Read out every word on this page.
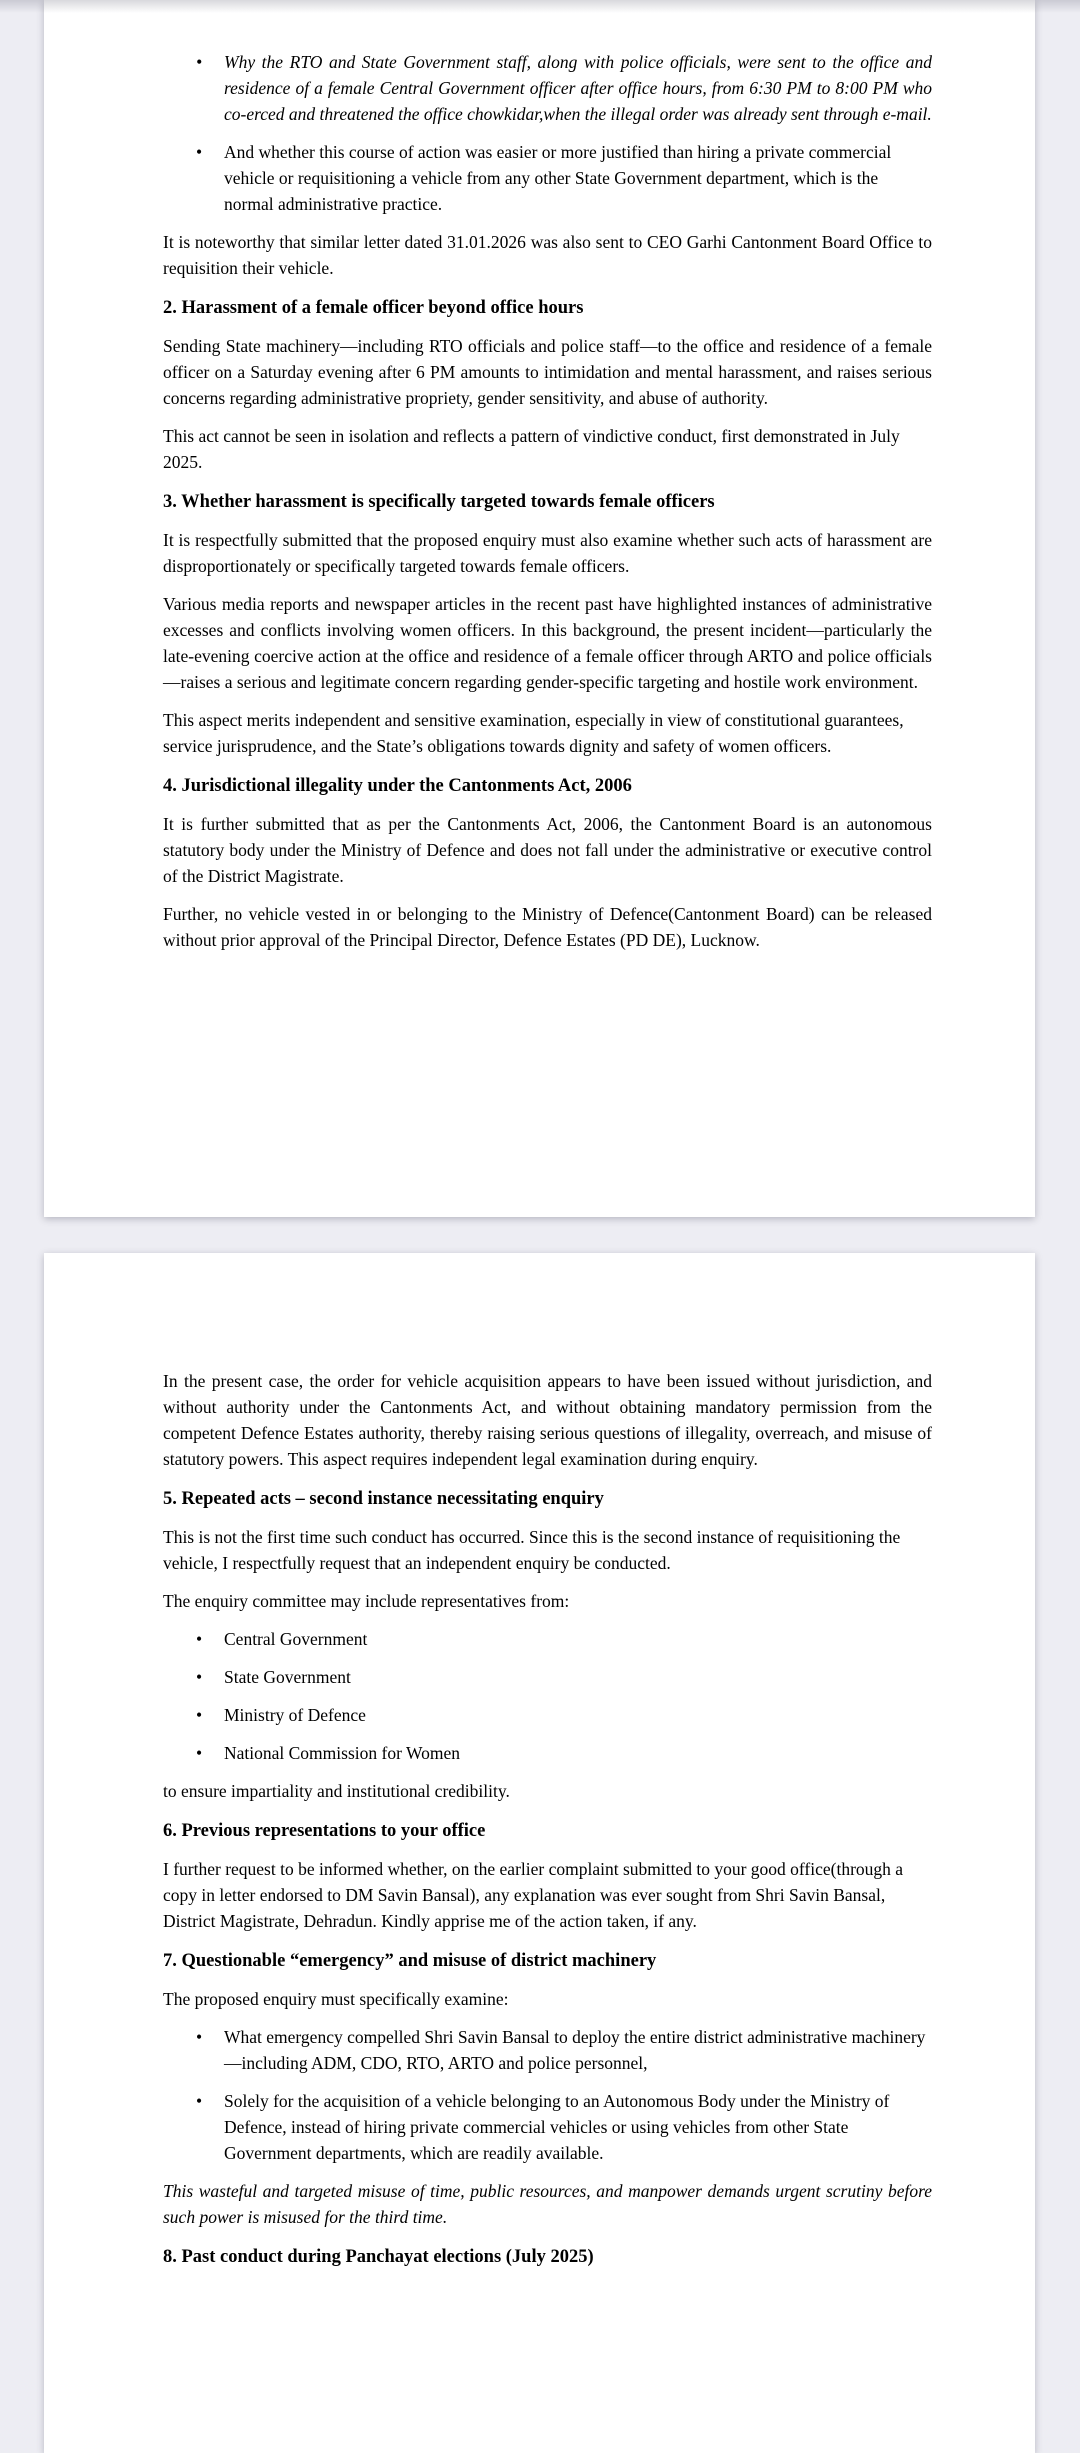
• Why the RTO and State Government staff, along with police officials, were sent to the office and residence of a female Central Government officer after office hours, from 6:30 PM to 8:00 PM who co-erced and threatened the office chowkidar,when the illegal order was already sent through e-mail.
• And whether this course of action was easier or more justified than hiring a private commercial vehicle or requisitioning a vehicle from any other State Government department, which is the normal administrative practice.

It is noteworthy that similar letter dated 31.01.2026 was also sent to CEO Garhi Cantonment Board Office to requisition their vehicle.

2. Harassment of a female officer beyond office hours

Sending State machinery—including RTO officials and police staff—to the office and residence of a female officer on a Saturday evening after 6 PM amounts to intimidation and mental harassment, and raises serious concerns regarding administrative propriety, gender sensitivity, and abuse of authority.

This act cannot be seen in isolation and reflects a pattern of vindictive conduct, first demonstrated in July 2025.

3. Whether harassment is specifically targeted towards female officers

It is respectfully submitted that the proposed enquiry must also examine whether such acts of harassment are disproportionately or specifically targeted towards female officers.

Various media reports and newspaper articles in the recent past have highlighted instances of administrative excesses and conflicts involving women officers. In this background, the present incident—particularly the late-evening coercive action at the office and residence of a female officer through ARTO and police officials—raises a serious and legitimate concern regarding gender-specific targeting and hostile work environment.

This aspect merits independent and sensitive examination, especially in view of constitutional guarantees, service jurisprudence, and the State’s obligations towards dignity and safety of women officers.

4. Jurisdictional illegality under the Cantonments Act, 2006

It is further submitted that as per the Cantonments Act, 2006, the Cantonment Board is an autonomous statutory body under the Ministry of Defence and does not fall under the administrative or executive control of the District Magistrate.

Further, no vehicle vested in or belonging to the Ministry of Defence(Cantonment Board) can be released without prior approval of the Principal Director, Defence Estates (PD DE), Lucknow.

In the present case, the order for vehicle acquisition appears to have been issued without jurisdiction, and without authority under the Cantonments Act, and without obtaining mandatory permission from the competent Defence Estates authority, thereby raising serious questions of illegality, overreach, and misuse of statutory powers. This aspect requires independent legal examination during enquiry.

5. Repeated acts – second instance necessitating enquiry

This is not the first time such conduct has occurred. Since this is the second instance of requisitioning the vehicle, I respectfully request that an independent enquiry be conducted.

The enquiry committee may include representatives from:

• Central Government
• State Government
• Ministry of Defence
• National Commission for Women

to ensure impartiality and institutional credibility.

6. Previous representations to your office

I further request to be informed whether, on the earlier complaint submitted to your good office(through a copy in letter endorsed to DM Savin Bansal), any explanation was ever sought from Shri Savin Bansal, District Magistrate, Dehradun. Kindly apprise me of the action taken, if any.

7. Questionable “emergency” and misuse of district machinery

The proposed enquiry must specifically examine:

• What emergency compelled Shri Savin Bansal to deploy the entire district administrative machinery—including ADM, CDO, RTO, ARTO and police personnel,
• Solely for the acquisition of a vehicle belonging to an Autonomous Body under the Ministry of Defence, instead of hiring private commercial vehicles or using vehicles from other State Government departments, which are readily available.

This wasteful and targeted misuse of time, public resources, and manpower demands urgent scrutiny before such power is misused for the third time.

8. Past conduct during Panchayat elections (July 2025)
